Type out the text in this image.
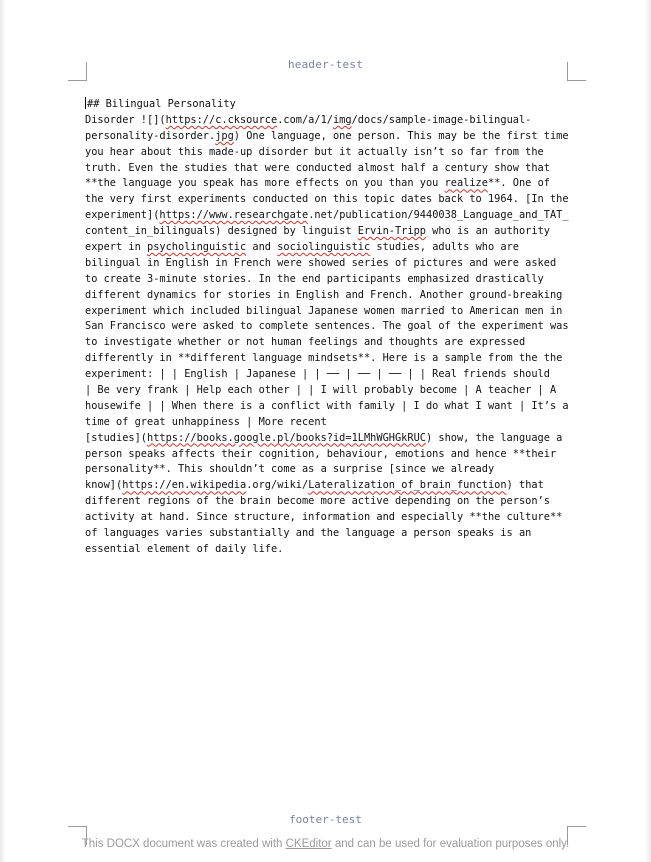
header-test
## Bilingual Personality
Disorder ![](https://c.cksource.com/a/1/img/docs/sample-image-bilingual-
personality-disorder.jpg) One language, one person. This may be the first time
you hear about this made-up disorder but it actually isn’t so far from the
truth. Even the studies that were conducted almost half a century show that
**the language you speak has more effects on you than you realize**. One of
the very first experiments conducted on this topic dates back to 1964. [In the
experiment](https://www.researchgate.net/publication/9440038_Language_and_TAT_
content_in_bilinguals) designed by linguist Ervin-Tripp who is an authority
expert in psycholinguistic and sociolinguistic studies, adults who are
bilingual in English in French were showed series of pictures and were asked
to create 3-minute stories. In the end participants emphasized drastically
different dynamics for stories in English and French. Another ground-breaking
experiment which included bilingual Japanese women married to American men in
San Francisco were asked to complete sentences. The goal of the experiment was
to investigate whether or not human feelings and thoughts are expressed
differently in **different language mindsets**. Here is a sample from the the
experiment: | | English | Japanese | | ── | ── | ── | | Real friends should
| Be very frank | Help each other | | I will probably become | A teacher | A
housewife | | When there is a conflict with family | I do what I want | It’s a
time of great unhappiness | More recent
[studies](https://books.google.pl/books?id=1LMhWGHGkRUC) show, the language a
person speaks affects their cognition, behaviour, emotions and hence **their
personality**. This shouldn’t come as a surprise [since we already
know](https://en.wikipedia.org/wiki/Lateralization_of_brain_function) that
different regions of the brain become more active depending on the person’s
activity at hand. Since structure, information and especially **the culture**
of languages varies substantially and the language a person speaks is an
essential element of daily life.
footer-test
This DOCX document was created with CKEditor and can be used for evaluation purposes only.
